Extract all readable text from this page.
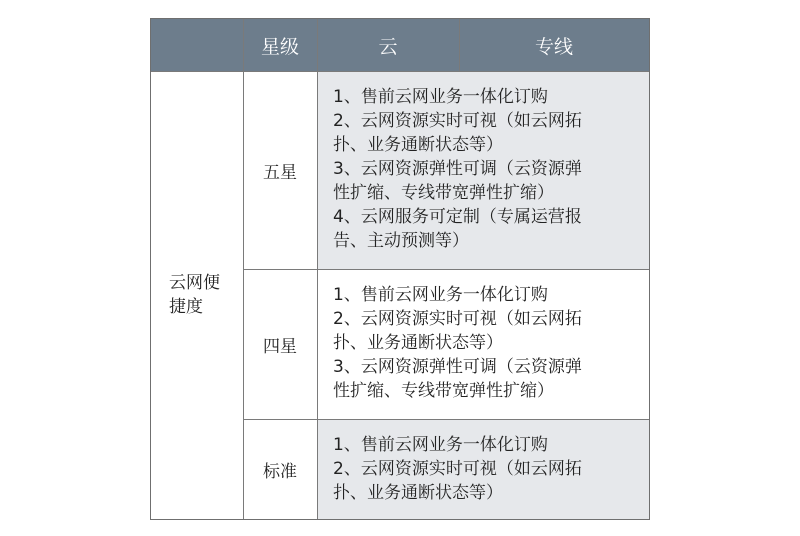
星级	云	专线
云网便
捷度
五星

1、售前云网业务一体化订购

2、云网资源实时可视（如云网拓

扑、业务通断状态等）

3、云网资源弹性可调（云资源弹

性扩缩、专线带宽弹性扩缩）

4、云网服务可定制（专属运营报

告、主动预测等）

四星

1、售前云网业务一体化订购

2、云网资源实时可视（如云网拓

扑、业务通断状态等）

3、云网资源弹性可调（云资源弹

性扩缩、专线带宽弹性扩缩）

标准

1、售前云网业务一体化订购

2、云网资源实时可视（如云网拓

扑、业务通断状态等）
